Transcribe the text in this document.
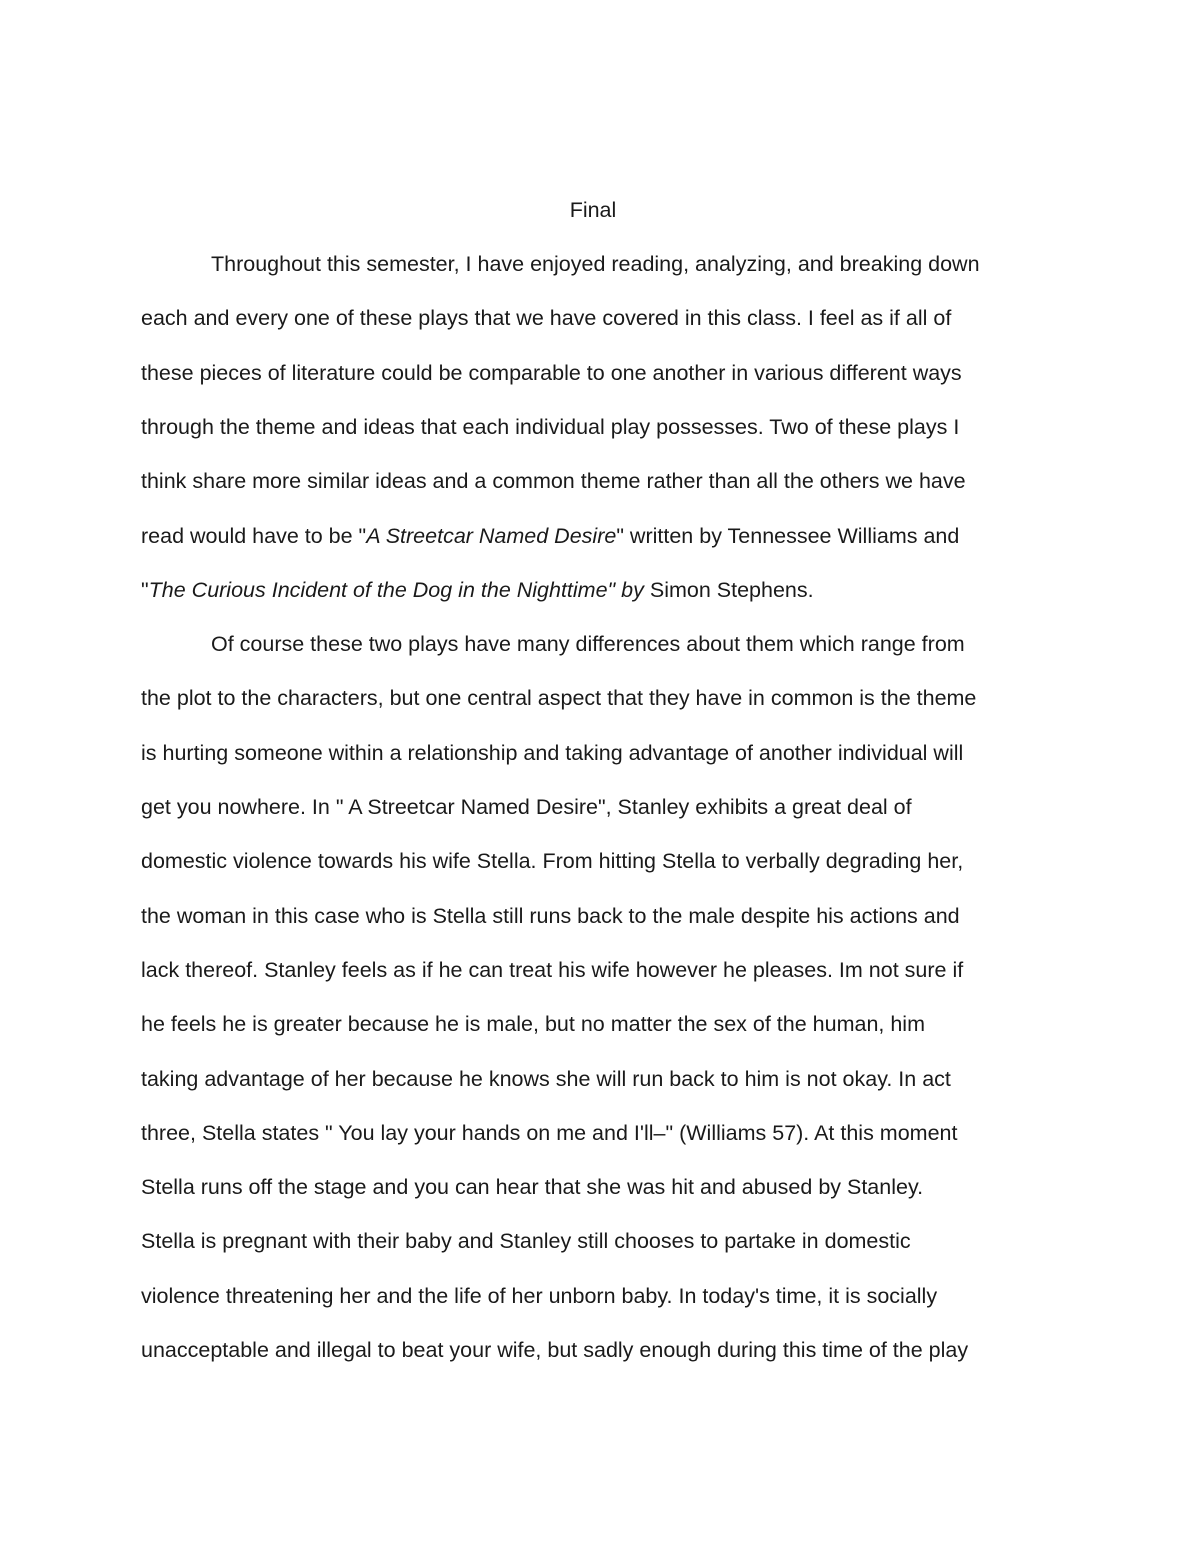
Final

Throughout this semester, I have enjoyed reading, analyzing, and breaking down

each and every one of these plays that we have covered in this class. I feel as if all of

these pieces of literature could be comparable to one another in various different ways

through the theme and ideas that each individual play possesses. Two of these plays I

think share more similar ideas and a common theme rather than all the others we have

read would have to be "A Streetcar Named Desire" written by Tennessee Williams and

"The Curious Incident of the Dog in the Nighttime" by Simon Stephens.

Of course these two plays have many differences about them which range from

the plot to the characters, but one central aspect that they have in common is the theme

is hurting someone within a relationship and taking advantage of another individual will

get you nowhere. In " A Streetcar Named Desire", Stanley exhibits a great deal of

domestic violence towards his wife Stella. From hitting Stella to verbally degrading her,

the woman in this case who is Stella still runs back to the male despite his actions and

lack thereof. Stanley feels as if he can treat his wife however he pleases. Im not sure if

he feels he is greater because he is male, but no matter the sex of the human, him

taking advantage of her because he knows she will run back to him is not okay. In act

three, Stella states " You lay your hands on me and I'll–" (Williams 57). At this moment

Stella runs off the stage and you can hear that she was hit and abused by Stanley.

Stella is pregnant with their baby and Stanley still chooses to partake in domestic

violence threatening her and the life of her unborn baby. In today's time, it is socially

unacceptable and illegal to beat your wife, but sadly enough during this time of the play
